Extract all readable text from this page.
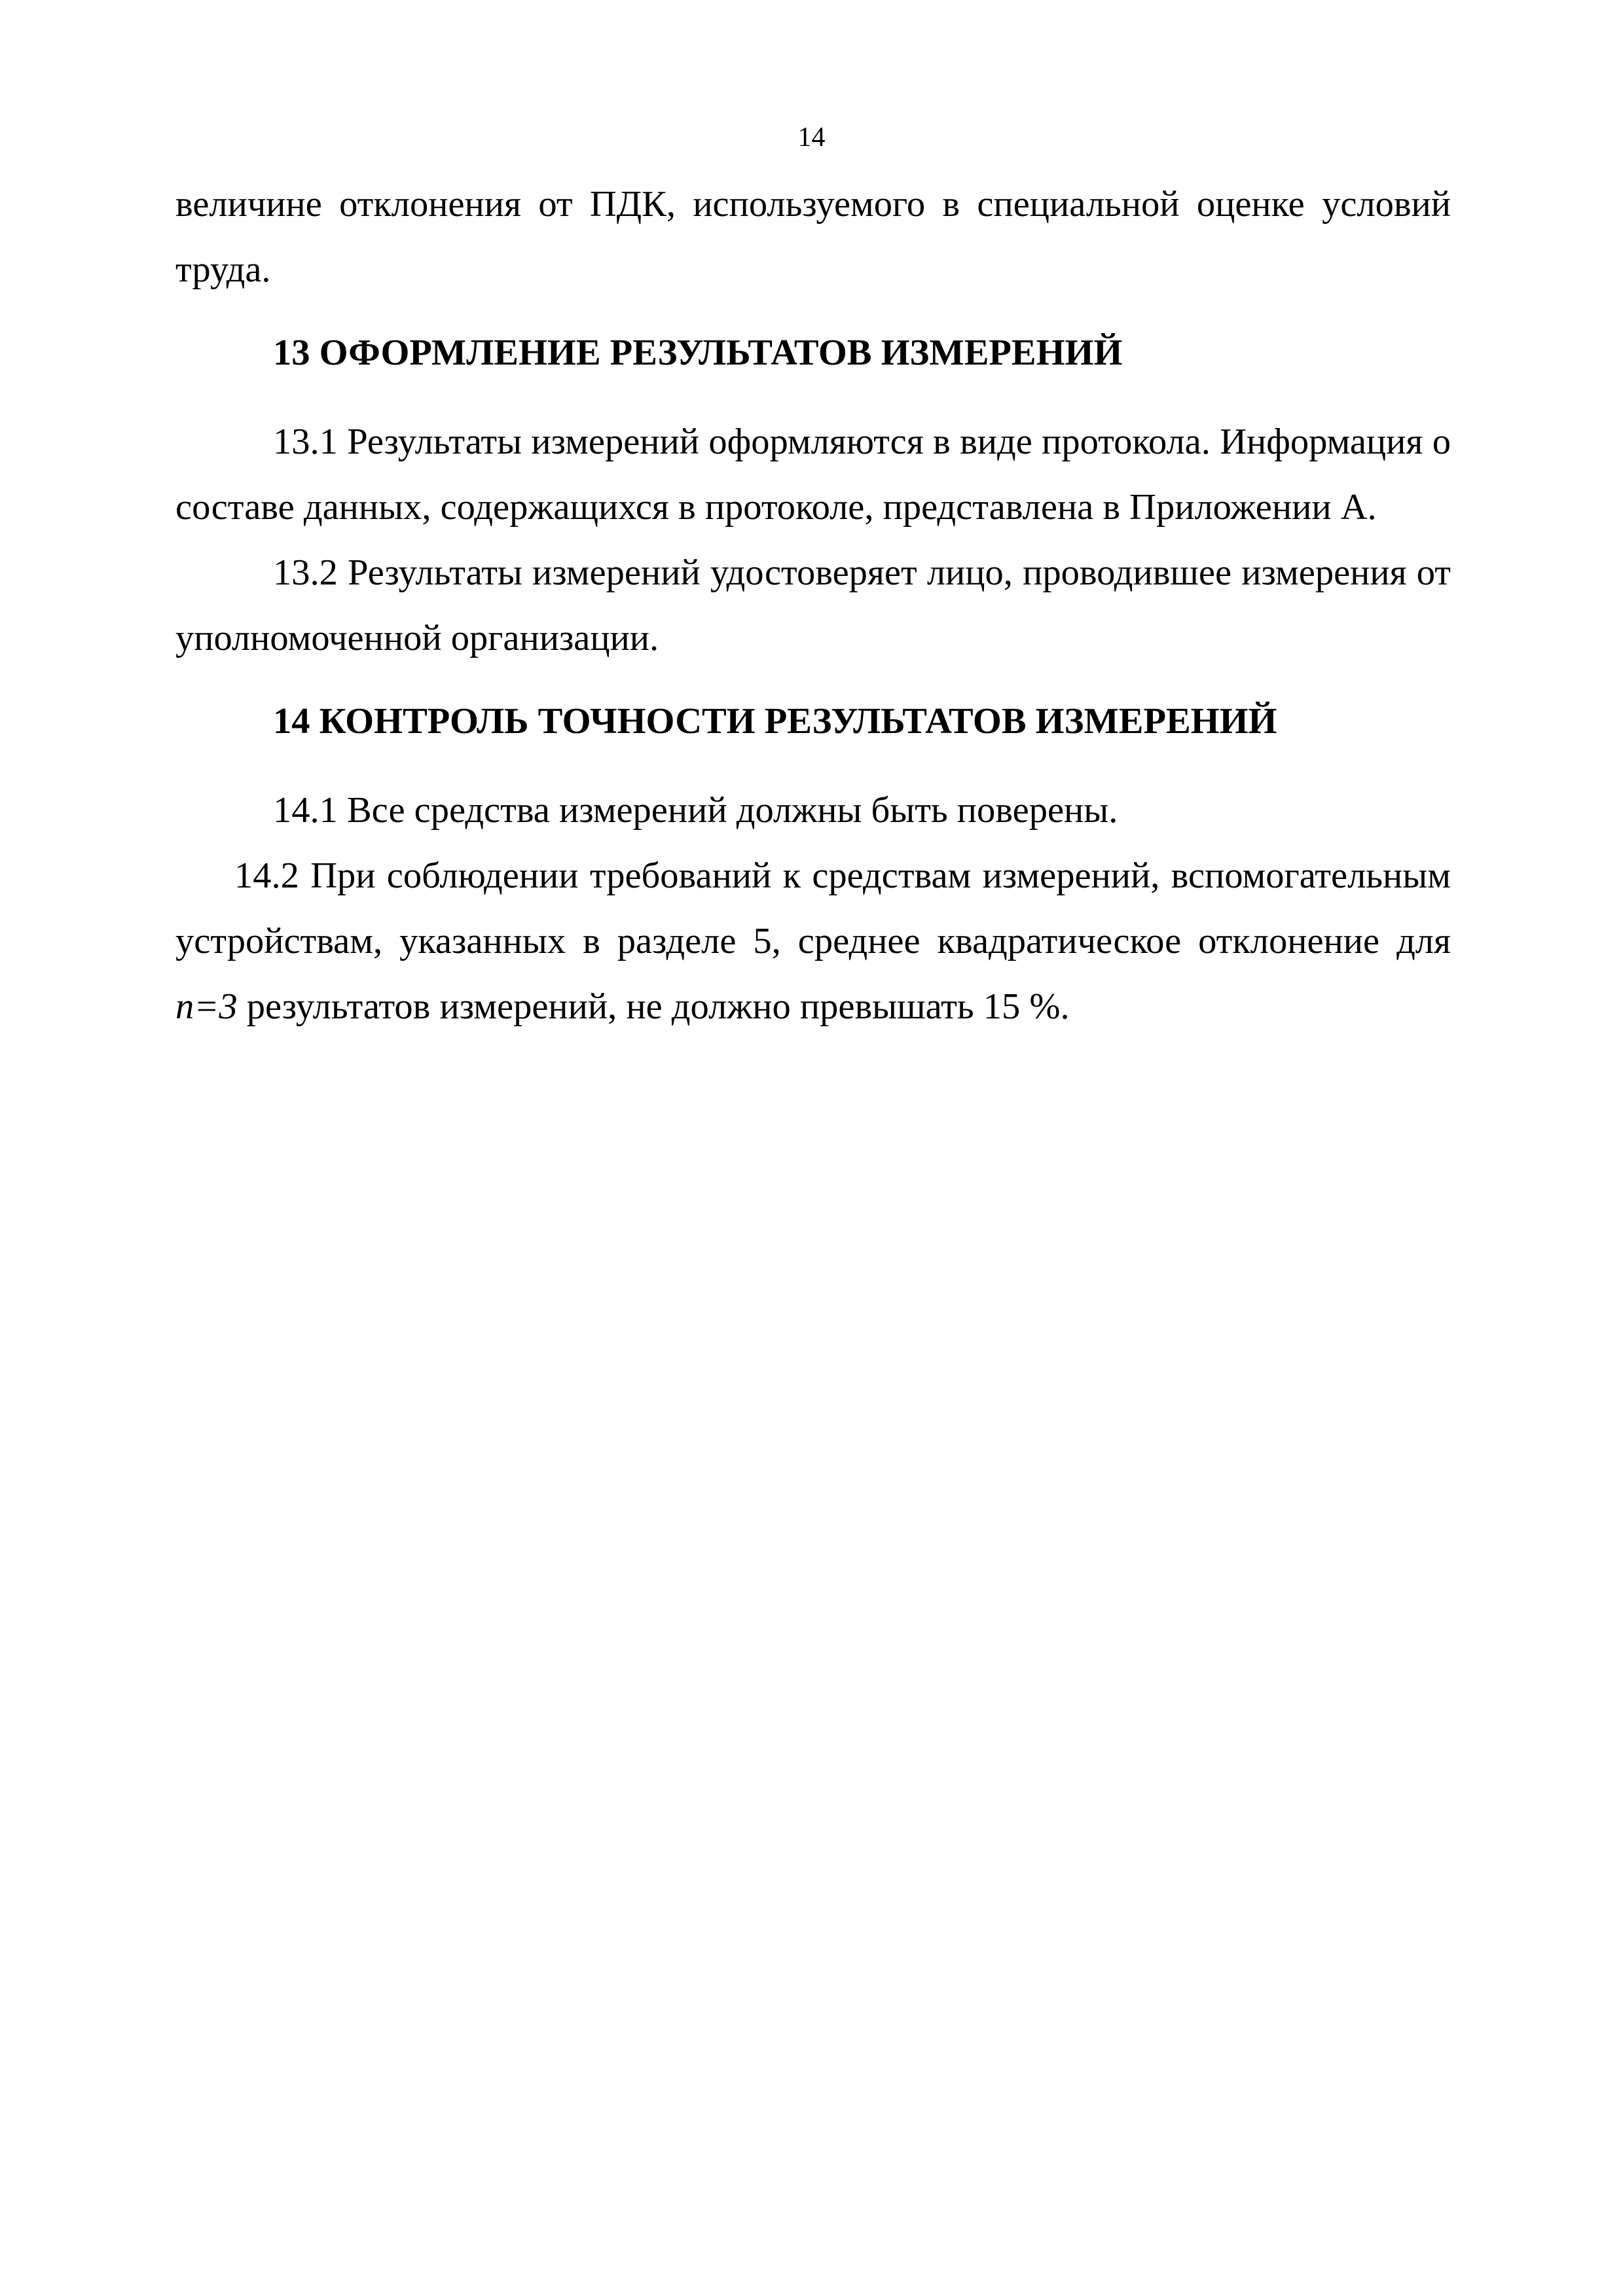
14

величине отклонения от ПДК, используемого в специальной оценке условий труда.

13 ОФОРМЛЕНИЕ РЕЗУЛЬТАТОВ ИЗМЕРЕНИЙ

13.1 Результаты измерений оформляются в виде протокола. Информация о составе данных, содержащихся в протоколе, представлена в Приложении А.

13.2 Результаты измерений удостоверяет лицо, проводившее измерения от уполномоченной организации.

14 КОНТРОЛЬ ТОЧНОСТИ РЕЗУЛЬТАТОВ ИЗМЕРЕНИЙ

14.1 Все средства измерений должны быть поверены.

14.2 При соблюдении требований к средствам измерений, вспомогательным устройствам, указанных в разделе 5, среднее квадратическое отклонение для n=3 результатов измерений, не должно превышать 15 %.
